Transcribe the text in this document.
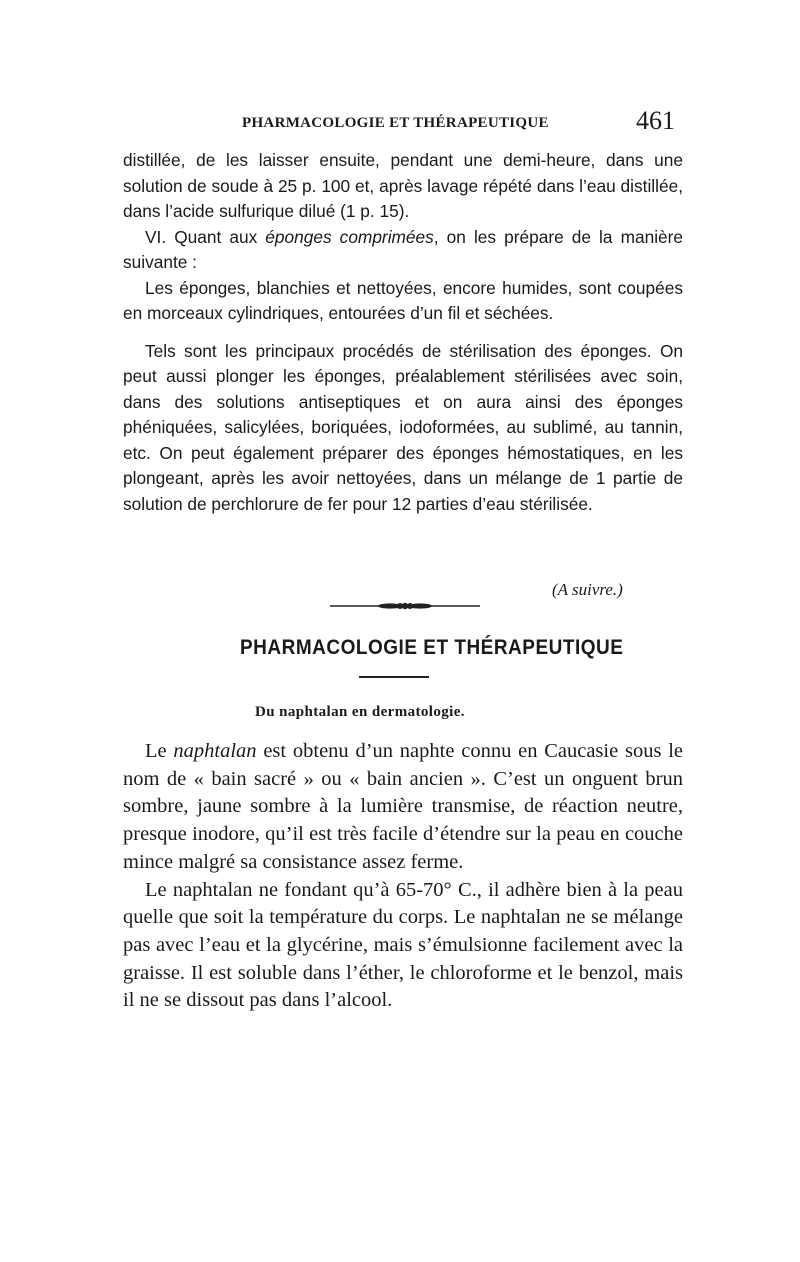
PHARMACOLOGIE ET THÉRAPEUTIQUE	461

distillée, de les laisser ensuite, pendant une demi-heure, dans une solution de soude à 25 p. 100 et, après lavage répété dans l’eau distillée, dans l’acide sulfurique dilué (1 p. 15).

VI. Quant aux éponges comprimées, on les prépare de la manière suivante :

Les éponges, blanchies et nettoyées, encore humides, sont coupées en morceaux cylindriques, entourées d’un fil et séchées.

Tels sont les principaux procédés de stérilisation des éponges. On peut aussi plonger les éponges, préalablement stérilisées avec soin, dans des solutions antiseptiques et on aura ainsi des éponges phéniquées, salicylées, boriquées, iodoformées, au sublimé, au tannin, etc. On peut également préparer des éponges hémostatiques, en les plongeant, après les avoir nettoyées, dans un mélange de 1 partie de solution de perchlorure de fer pour 12 parties d’eau stérilisée.

(A suivre.)
PHARMACOLOGIE ET THÉRAPEUTIQUE
Du naphtalan en dermatologie.

Le naphtalan est obtenu d’un naphte connu en Caucasie sous le nom de « bain sacré » ou « bain ancien ». C’est un onguent brun sombre, jaune sombre à la lumière transmise, de réaction neutre, presque inodore, qu’il est très facile d’étendre sur la peau en couche mince malgré sa consistance assez ferme.

Le naphtalan ne fondant qu’à 65-70° C., il adhère bien à la peau quelle que soit la température du corps. Le naphtalan ne se mélange pas avec l’eau et la glycérine, mais s’émulsionne facilement avec la graisse. Il est soluble dans l’éther, le chloroforme et le benzol, mais il ne se dissout pas dans l’alcool.
